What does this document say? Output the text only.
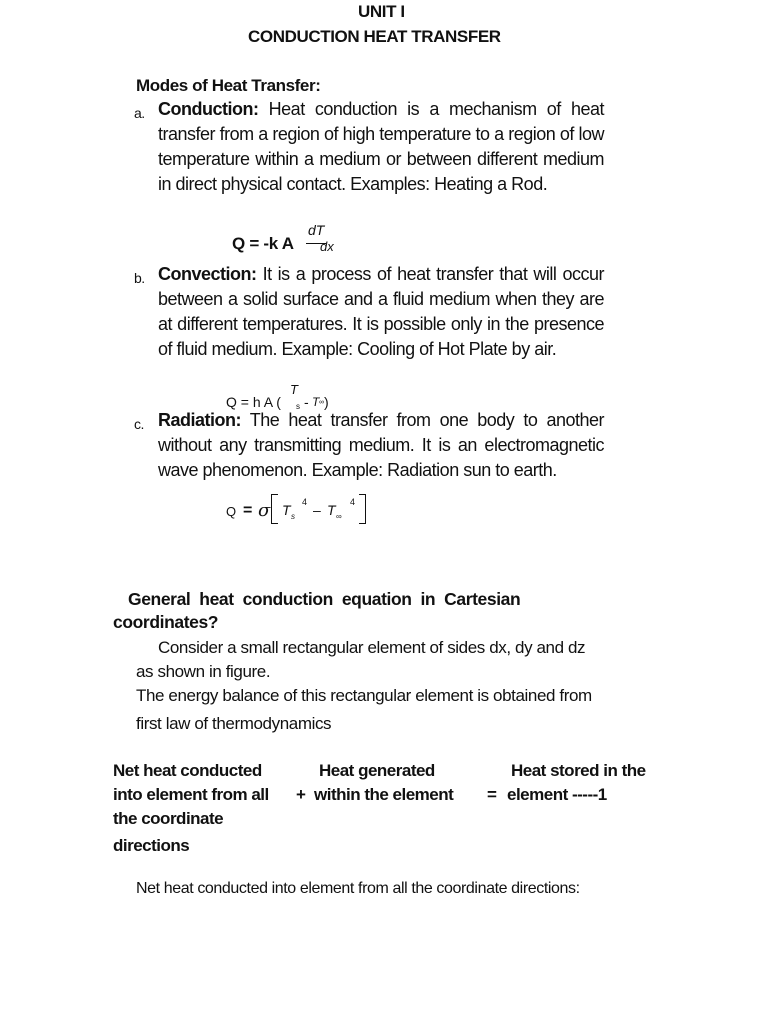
UNIT I
CONDUCTION HEAT TRANSFER
Modes of Heat Transfer:
a. Conduction: Heat conduction is a mechanism of heat transfer from a region of high temperature to a region of low temperature within a medium or between different medium in direct physical contact. Examples: Heating a Rod.
Q = -k A
dT
dx
b. Convection: It is a process of heat transfer that will occur between a solid surface and a fluid medium when they are at different temperatures. It is possible only in the presence of fluid medium. Example: Cooling of Hot Plate by air.
Q = h A (
T
s - T ∞ )
c. Radiation: The heat transfer from one body to another without any transmitting medium. It is an electromagnetic wave phenomenon. Example: Radiation sun to earth.
Q = σ T s
4 – T ∞
4
General  heat  conduction  equation  in  Cartesian
coordinates?
Consider a small rectangular element of sides dx, dy and dz
as shown in figure.
The energy balance of this rectangular element is obtained from
first law of thermodynamics
Net heat conducted
into element from all
the coordinate
directions
+
Heat generated
within the element =
Heat stored in the
element -----1
Net heat conducted into element from all the coordinate directions:
